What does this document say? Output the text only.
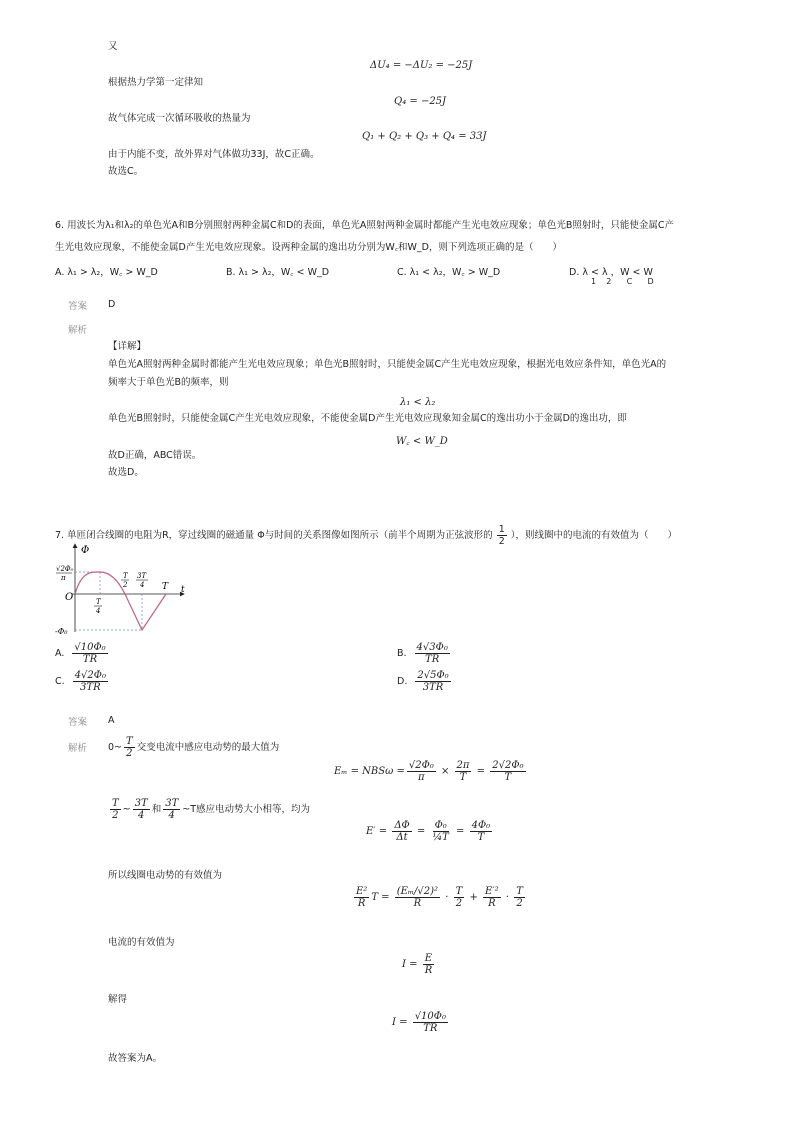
又
ΔU₄ = −ΔU₂ = −25J
根据热力学第一定律知
Q₄ = −25J
故气体完成一次循环吸收的热量为
Q₁ + Q₂ + Q₃ + Q₄ = 33J
由于内能不变，故外界对气体做功33J，故C正确。
故选C。
6. 用波长为λ₁和λ₂的单色光A和B分别照射两种金属C和D的表面，单色光A照射两种金属时都能产生光电效应现象；单色光B照射时，只能使金属C产
生光电效应现象，不能使金属D产生光电效应现象。设两种金属的逸出功分别为W꜀和W_D，则下列选项正确的是（　　）
A. λ₁ > λ₂，W꜀ > W_D	B. λ₁ > λ₂，W꜀ < W_D	C. λ₁ < λ₂，W꜀ > W_D	D. λ < λ ，W < W
1    2      C      D
答案 D
解析
【详解】
单色光A照射两种金属时都能产生光电效应现象；单色光B照射时，只能使金属C产生光电效应现象，根据光电效应条件知，单色光A的
频率大于单色光B的频率，则
λ₁ < λ₂
单色光B照射时，只能使金属C产生光电效应现象，不能使金属D产生光电效应现象知金属C的逸出功小于金属D的逸出功，即
W꜀ < W_D
故D正确，ABC错误。
故选D。
7. 单匝闭合线圈的电阻为R，穿过线圈的磁通量 Φ与时间的关系图像如图所示（前半个周期为正弦波形的 $\frac{1}{2}$ ），则线圈中的电流的有效值为（　　）
Φ
t
O
√2Φ₀
π
-Φ₀
T
T
2
3T
4
T
4
A. $\frac{\text{√10Φ₀}}{TR}$	B. $\frac{\text{4√3Φ₀}}{TR}$
C. $\frac{\text{4√2Φ₀}}{3TR}$	D. $\frac{\text{2√5Φ₀}}{3TR}$
答案 A
解析 0~ $\frac{T}{2}$ 交变电流中感应电动势的最大值为
$E_m = NBS\omega = \frac{\text{√2Φ₀}}{\pi} \times \frac{2\pi}{T} = \frac{\text{2√2Φ₀}}{T}$
$\frac{T}{2}$ ~ $\frac{3T}{4}$ 和 $\frac{3T}{4}$ ~T感应电动势大小相等，均为
$E' = \frac{\Delta\Phi}{\Delta t} = \frac{\text{Φ₀}}{\text{¼T}} = \frac{\text{4Φ₀}}{T}$
所以线圈电动势的有效值为
$\frac{\text{E²}}{R}$ $T = \frac{\text{(Eₘ/√2)²}}{R} \cdot \frac{T}{2} + \frac{\text{E′²}}{R} \cdot \frac{T}{2}$
电流的有效值为
$I = \frac{E}{R}$
解得
$I = \frac{\text{√10Φ₀}}{TR}$
故答案为A。
